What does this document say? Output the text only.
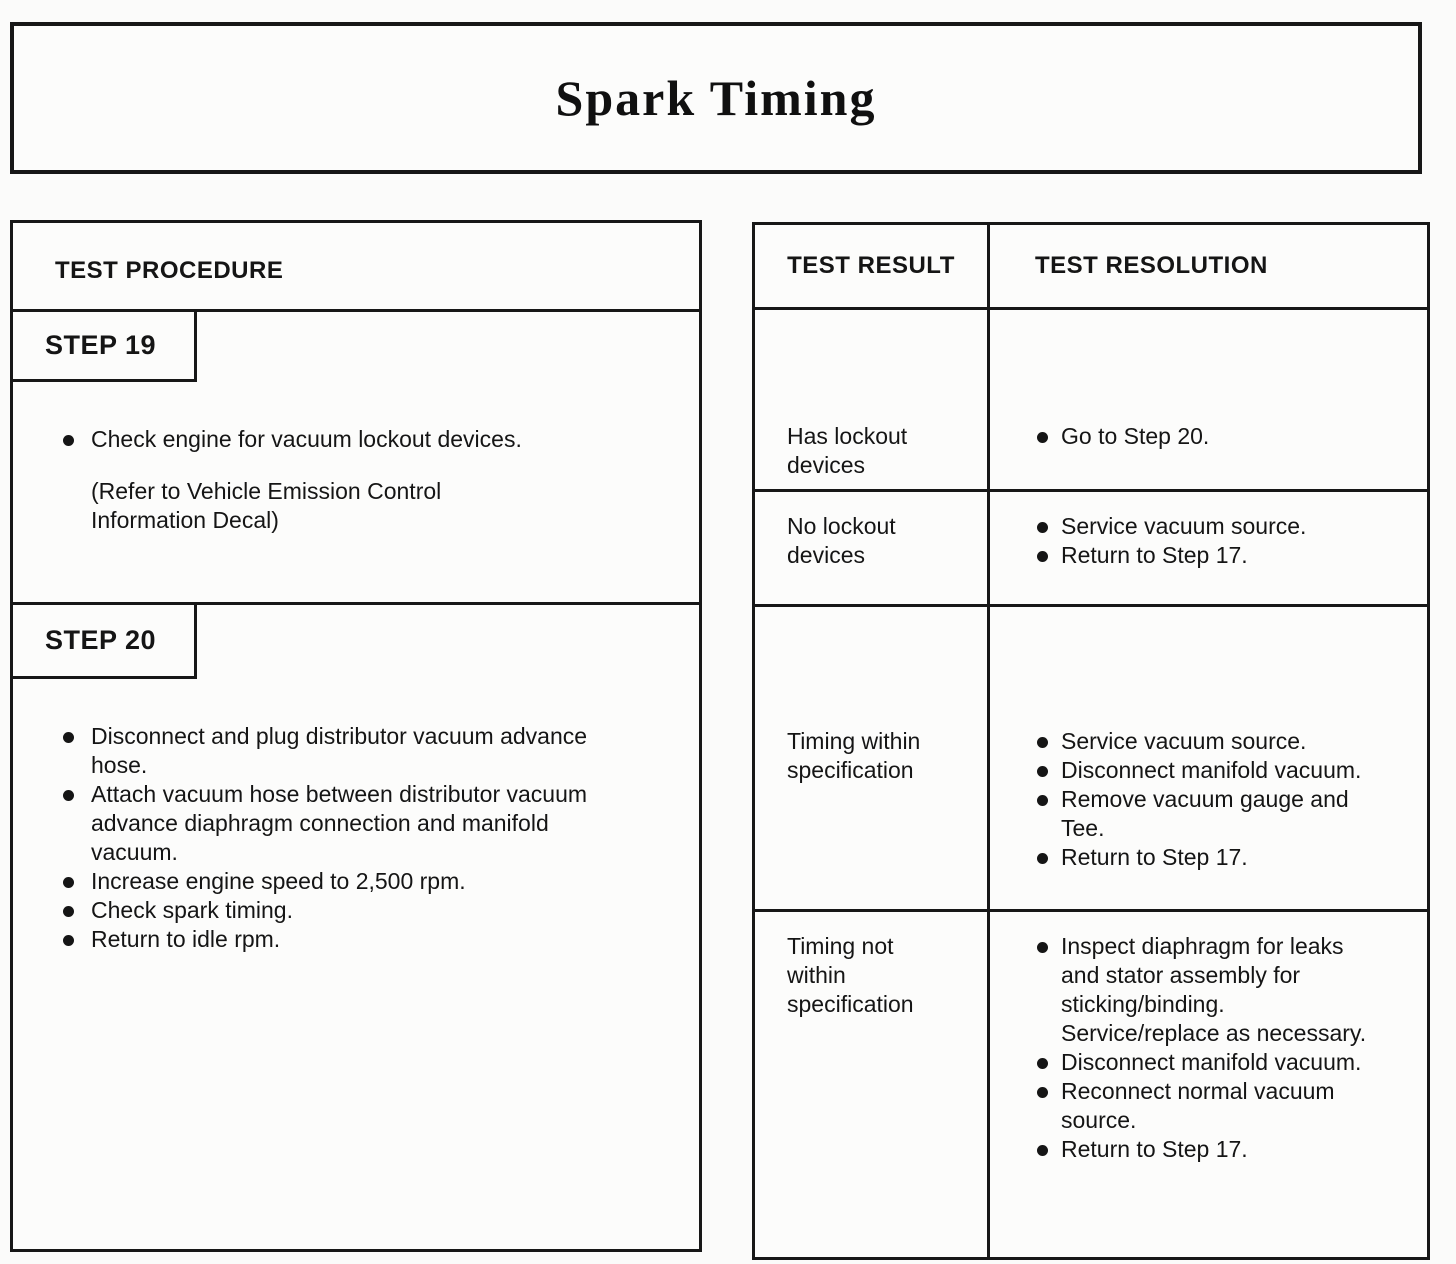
Spark Timing
TEST PROCEDURE
STEP 19
Check engine for vacuum lockout devices.
(Refer to Vehicle Emission Control Information Decal)
STEP 20
Disconnect and plug distributor vacuum advance hose.
Attach vacuum hose between distributor vacuum advance diaphragm connection and manifold vacuum.
Increase engine speed to 2,500 rpm.
Check spark timing.
Return to idle rpm.
TEST RESULT	TEST RESOLUTION
Has lockout devices
Go to Step 20.
No lockout devices
Service vacuum source.
Return to Step 17.
Timing within specification
Service vacuum source.
Disconnect manifold vacuum.
Remove vacuum gauge and Tee.
Return to Step 17.
Timing not within specification
Inspect diaphragm for leaks and stator assembly for sticking/binding. Service/replace as necessary.
Disconnect manifold vacuum.
Reconnect normal vacuum source.
Return to Step 17.
